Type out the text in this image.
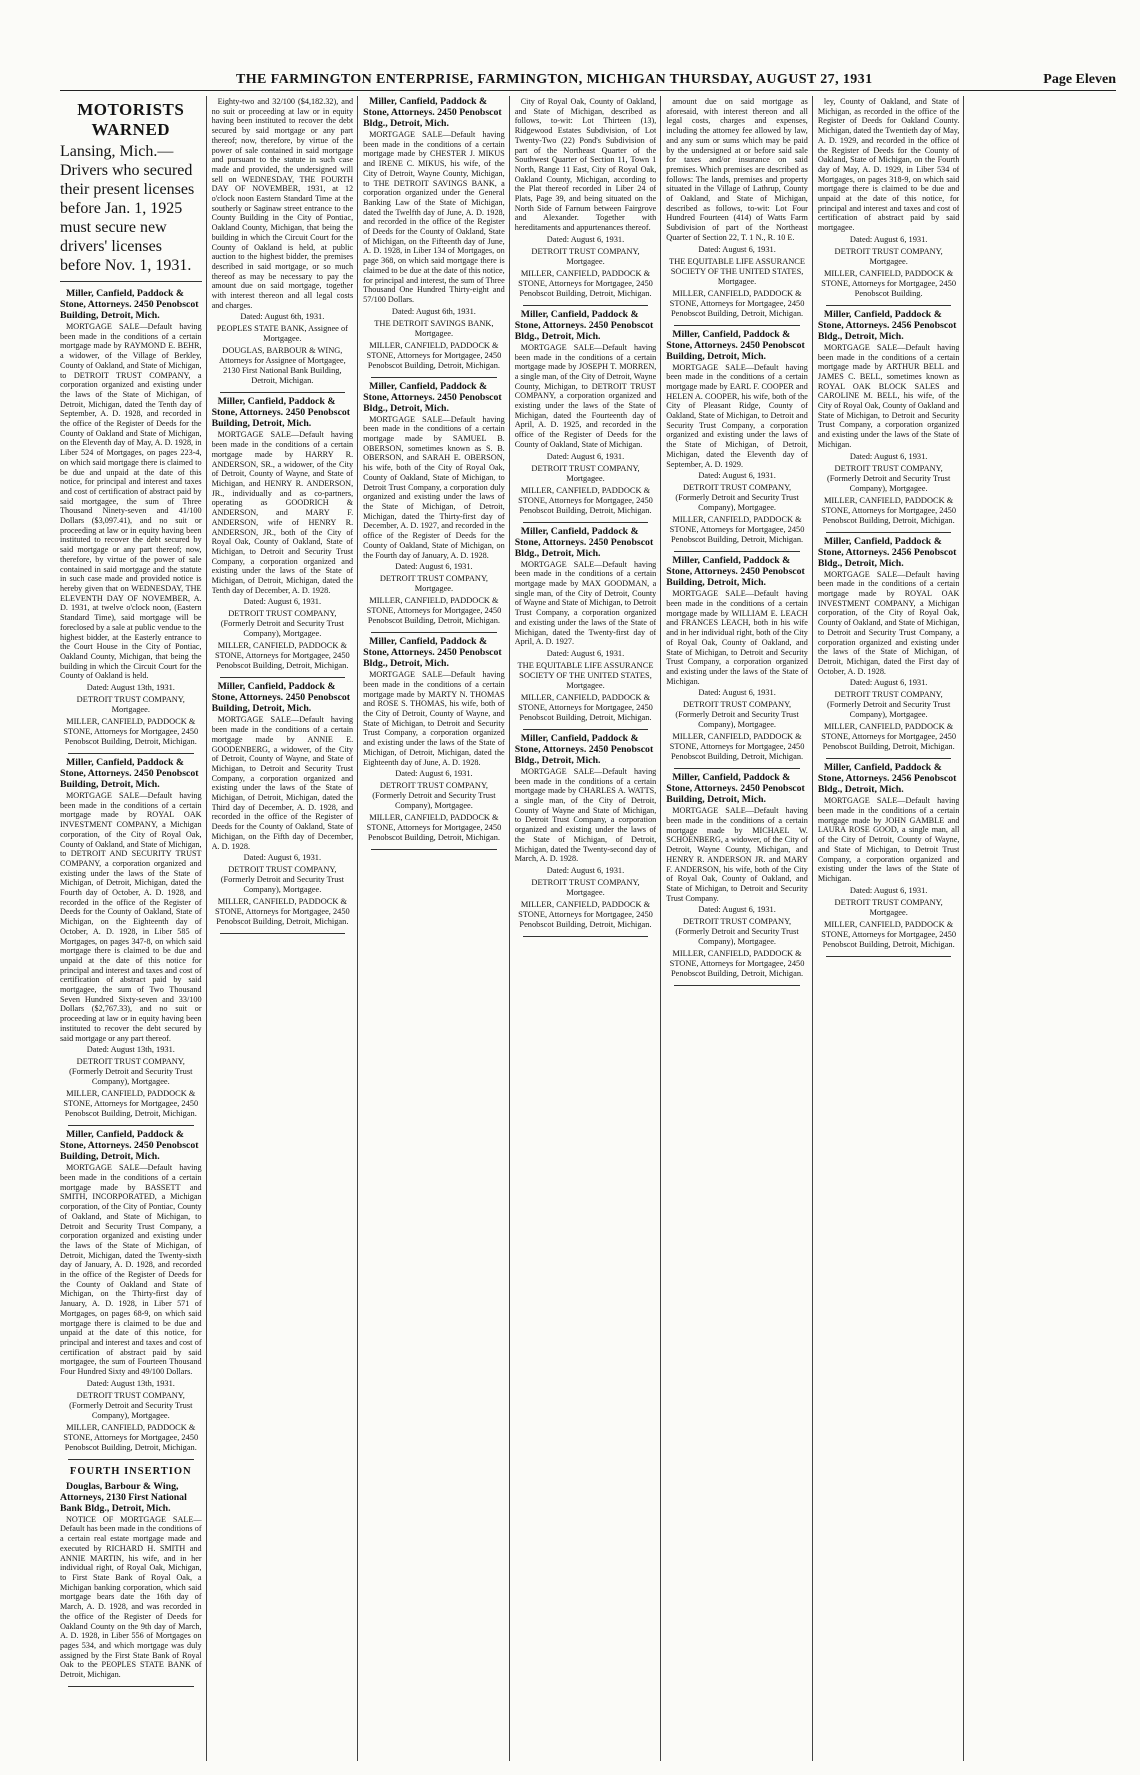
THE FARMINGTON ENTERPRISE, FARMINGTON, MICHIGAN THURSDAY, AUGUST 27, 1931	Page Eleven
MOTORISTS WARNED
Lansing, Mich.—Drivers who secured their present licenses before Jan. 1, 1925 must secure new drivers' licenses before Nov. 1, 1931.
Miller, Canfield, Paddock & Stone, Attorneys. 2450 Penobscot Building, Detroit, Mich.
MORTGAGE SALE—Default having been made in the conditions of a certain mortgage made by RAYMOND E. BEHR, a widower, of the Village of Berkley, County of Oakland, and State of Michigan, to DETROIT TRUST COMPANY, a corporation organized and existing under the laws of the State of Michigan, of Detroit, Michigan, dated the Tenth day of September, A. D. 1928, and recorded in the office of the Register of Deeds for the County of Oakland and State of Michigan, on the Eleventh day of May, A. D. 1928, in Liber 524 of Mortgages, on pages 223-4, on which said mortgage there is claimed to be due and unpaid at the date of this notice, for principal and interest and taxes and cost of certification of abstract paid by said mortgagee, the sum of Three Thousand Ninety-seven and 41/100 Dollars ($3,097.41), and no suit or proceeding at law or in equity having been instituted to recover the debt secured by said mortgage or any part thereof; now, therefore, by virtue of the power of sale contained in said mortgage and the statute in such case made and provided notice is hereby given that on WEDNESDAY, THE ELEVENTH DAY OF NOVEMBER, A. D. 1931, at twelve o'clock noon, (Eastern Standard Time), said mortgage will be foreclosed by a sale at public vendue to the highest bidder, at the Easterly entrance to the Court House in the City of Pontiac, Oakland County, Michigan, that being the building in which the Circuit Court for the County of Oakland is held.
Dated: August 13th, 1931.
DETROIT TRUST COMPANY, Mortgagee.
MILLER, CANFIELD, PADDOCK & STONE, Attorneys for Mortgagee, 2450 Penobscot Building, Detroit, Michigan.
Miller, Canfield, Paddock & Stone, Attorneys. 2450 Penobscot Building, Detroit, Mich.
MORTGAGE SALE—Default having been made in the conditions of a certain mortgage made by ROYAL OAK INVESTMENT COMPANY, a Michigan corporation, of the City of Royal Oak, County of Oakland, and State of Michigan, to DETROIT AND SECURITY TRUST COMPANY, a corporation organized and existing under the laws of the State of Michigan, of Detroit, Michigan, dated the Fourth day of October, A. D. 1928, and recorded in the office of the Register of Deeds for the County of Oakland, State of Michigan, on the Eighteenth day of October, A. D. 1928, in Liber 585 of Mortgages, on pages 347-8, on which said mortgage there is claimed to be due and unpaid at the date of this notice for principal and interest and taxes and cost of certification of abstract paid by said mortgagee, the sum of Two Thousand Seven Hundred Sixty-seven and 33/100 Dollars ($2,767.33), and no suit or proceeding at law or in equity having been instituted to recover the debt secured by said mortgage or any part thereof.
Dated: August 13th, 1931.
DETROIT TRUST COMPANY, (Formerly Detroit and Security Trust Company), Mortgagee.
MILLER, CANFIELD, PADDOCK & STONE, Attorneys for Mortgagee, 2450 Penobscot Building, Detroit, Michigan.
Miller, Canfield, Paddock & Stone, Attorneys. 2450 Penobscot Building, Detroit, Mich.
MORTGAGE SALE—Default having been made in the conditions of a certain mortgage made by BASSETT and SMITH, INCORPORATED, a Michigan corporation, of the City of Pontiac, County of Oakland, and State of Michigan, to Detroit and Security Trust Company, a corporation organized and existing under the laws of the State of Michigan, of Detroit, Michigan, dated the Twenty-sixth day of January, A. D. 1928, and recorded in the office of the Register of Deeds for the County of Oakland and State of Michigan, on the Thirty-first day of January, A. D. 1928, in Liber 571 of Mortgages, on pages 68-9, on which said mortgage there is claimed to be due and unpaid at the date of this notice, for principal and interest and taxes and cost of certification of abstract paid by said mortgagee, the sum of Fourteen Thousand Four Hundred Sixty and 49/100 Dollars.
Dated: August 13th, 1931.
DETROIT TRUST COMPANY, (Formerly Detroit and Security Trust Company), Mortgagee.
MILLER, CANFIELD, PADDOCK & STONE, Attorneys for Mortgagee, 2450 Penobscot Building, Detroit, Michigan.
FOURTH INSERTION
Douglas, Barbour & Wing, Attorneys, 2130 First National Bank Bldg., Detroit, Mich.
NOTICE OF MORTGAGE SALE—Default has been made in the conditions of a certain real estate mortgage made and executed by RICHARD H. SMITH and ANNIE MARTIN, his wife, and in her individual right, of Royal Oak, Michigan, to First State Bank of Royal Oak, a Michigan banking corporation, which said mortgage bears date the 16th day of March, A. D. 1928, and was recorded in the office of the Register of Deeds for Oakland County on the 9th day of March, A. D. 1928, in Liber 556 of Mortgages on pages 534, and which mortgage was duly assigned by the First State Bank of Royal Oak to the PEOPLES STATE BANK of Detroit, Michigan.
Eighty-two and 32/100 ($4,182.32), and no suit or proceeding at law or in equity having been instituted to recover the debt secured by said mortgage or any part thereof; now, therefore, by virtue of the power of sale contained in said mortgage and pursuant to the statute in such case made and provided, the undersigned will sell on WEDNESDAY, THE FOURTH DAY OF NOVEMBER, 1931, at 12 o'clock noon Eastern Standard Time at the southerly or Saginaw street entrance to the County Building in the City of Pontiac, Oakland County, Michigan, that being the building in which the Circuit Court for the County of Oakland is held, at public auction to the highest bidder, the premises described in said mortgage, or so much thereof as may be necessary to pay the amount due on said mortgage, together with interest thereon and all legal costs and charges.
Dated: August 6th, 1931.
PEOPLES STATE BANK, Assignee of Mortgagee.
DOUGLAS, BARBOUR & WING, Attorneys for Assignee of Mortgagee, 2130 First National Bank Building, Detroit, Michigan.
Miller, Canfield, Paddock & Stone, Attorneys. 2450 Penobscot Building, Detroit, Mich.
MORTGAGE SALE—Default having been made in the conditions of a certain mortgage made by HARRY R. ANDERSON, SR., a widower, of the City of Detroit, County of Wayne, and State of Michigan, and HENRY R. ANDERSON, JR., individually and as co-partners, operating as GOODRICH & ANDERSON, and MARY F. ANDERSON, wife of HENRY R. ANDERSON, JR., both of the City of Royal Oak, County of Oakland, State of Michigan, to Detroit and Security Trust Company, a corporation organized and existing under the laws of the State of Michigan, of Detroit, Michigan, dated the Tenth day of December, A. D. 1928.
Dated: August 6, 1931.
DETROIT TRUST COMPANY, (Formerly Detroit and Security Trust Company), Mortgagee.
MILLER, CANFIELD, PADDOCK & STONE, Attorneys for Mortgagee, 2450 Penobscot Building, Detroit, Michigan.
Miller, Canfield, Paddock & Stone, Attorneys. 2450 Penobscot Building, Detroit, Mich.
MORTGAGE SALE—Default having been made in the conditions of a certain mortgage made by ANNIE E. GOODENBERG, a widower, of the City of Detroit, County of Wayne, and State of Michigan, to Detroit and Security Trust Company, a corporation organized and existing under the laws of the State of Michigan, of Detroit, Michigan, dated the Third day of December, A. D. 1928, and recorded in the office of the Register of Deeds for the County of Oakland, State of Michigan, on the Fifth day of December, A. D. 1928.
Dated: August 6, 1931.
DETROIT TRUST COMPANY, (Formerly Detroit and Security Trust Company), Mortgagee.
MILLER, CANFIELD, PADDOCK & STONE, Attorneys for Mortgagee, 2450 Penobscot Building, Detroit, Michigan.
Miller, Canfield, Paddock & Stone, Attorneys. 2450 Penobscot Bldg., Detroit, Mich.
MORTGAGE SALE—Default having been made in the conditions of a certain mortgage made by CHESTER J. MIKUS and IRENE C. MIKUS, his wife, of the City of Detroit, Wayne County, Michigan, to THE DETROIT SAVINGS BANK, a corporation organized under the General Banking Law of the State of Michigan, dated the Twelfth day of June, A. D. 1928, and recorded in the office of the Register of Deeds for the County of Oakland, State of Michigan, on the Fifteenth day of June, A. D. 1928, in Liber 134 of Mortgages, on page 368, on which said mortgage there is claimed to be due at the date of this notice, for principal and interest, the sum of Three Thousand One Hundred Thirty-eight and 57/100 Dollars.
Dated: August 6th, 1931.
THE DETROIT SAVINGS BANK, Mortgagee.
MILLER, CANFIELD, PADDOCK & STONE, Attorneys for Mortgagee, 2450 Penobscot Building, Detroit, Michigan.
Miller, Canfield, Paddock & Stone, Attorneys. 2450 Penobscot Bldg., Detroit, Mich.
MORTGAGE SALE—Default having been made in the conditions of a certain mortgage made by SAMUEL B. OBERSON, sometimes known as S. B. OBERSON, and SARAH E. OBERSON, his wife, both of the City of Royal Oak, County of Oakland, State of Michigan, to Detroit Trust Company, a corporation duly organized and existing under the laws of the State of Michigan, of Detroit, Michigan, dated the Thirty-first day of December, A. D. 1927, and recorded in the office of the Register of Deeds for the County of Oakland, State of Michigan, on the Fourth day of January, A. D. 1928.
Dated: August 6, 1931.
DETROIT TRUST COMPANY, Mortgagee.
MILLER, CANFIELD, PADDOCK & STONE, Attorneys for Mortgagee, 2450 Penobscot Building, Detroit, Michigan.
Miller, Canfield, Paddock & Stone, Attorneys. 2450 Penobscot Bldg., Detroit, Mich.
MORTGAGE SALE—Default having been made in the conditions of a certain mortgage made by MARTY N. THOMAS and ROSE S. THOMAS, his wife, both of the City of Detroit, County of Wayne, and State of Michigan, to Detroit and Security Trust Company, a corporation organized and existing under the laws of the State of Michigan, of Detroit, Michigan, dated the Eighteenth day of June, A. D. 1928.
Dated: August 6, 1931.
DETROIT TRUST COMPANY, (Formerly Detroit and Security Trust Company), Mortgagee.
MILLER, CANFIELD, PADDOCK & STONE, Attorneys for Mortgagee, 2450 Penobscot Building, Detroit, Michigan.
City of Royal Oak, County of Oakland, and State of Michigan, described as follows, to-wit: Lot Thirteen (13), Ridgewood Estates Subdivision, of Lot Twenty-Two (22) Pond's Subdivision of part of the Northeast Quarter of the Southwest Quarter of Section 11, Town 1 North, Range 11 East, City of Royal Oak, Oakland County, Michigan, according to the Plat thereof recorded in Liber 24 of Plats, Page 39, and being situated on the North Side of Farnum between Fairgrove and Alexander. Together with hereditaments and appurtenances thereof.
Dated: August 6, 1931.
DETROIT TRUST COMPANY, Mortgagee.
MILLER, CANFIELD, PADDOCK & STONE, Attorneys for Mortgagee, 2450 Penobscot Building, Detroit, Michigan.
Miller, Canfield, Paddock & Stone, Attorneys. 2450 Penobscot Bldg., Detroit, Mich.
MORTGAGE SALE—Default having been made in the conditions of a certain mortgage made by JOSEPH T. MORREN, a single man, of the City of Detroit, Wayne County, Michigan, to DETROIT TRUST COMPANY, a corporation organized and existing under the laws of the State of Michigan, dated the Fourteenth day of April, A. D. 1925, and recorded in the office of the Register of Deeds for the County of Oakland, State of Michigan.
Dated: August 6, 1931.
DETROIT TRUST COMPANY, Mortgagee.
MILLER, CANFIELD, PADDOCK & STONE, Attorneys for Mortgagee, 2450 Penobscot Building, Detroit, Michigan.
Miller, Canfield, Paddock & Stone, Attorneys. 2450 Penobscot Bldg., Detroit, Mich.
MORTGAGE SALE—Default having been made in the conditions of a certain mortgage made by MAX GOODMAN, a single man, of the City of Detroit, County of Wayne and State of Michigan, to Detroit Trust Company, a corporation organized and existing under the laws of the State of Michigan, dated the Twenty-first day of April, A. D. 1927.
Dated: August 6, 1931.
THE EQUITABLE LIFE ASSURANCE SOCIETY OF THE UNITED STATES, Mortgagee.
MILLER, CANFIELD, PADDOCK & STONE, Attorneys for Mortgagee, 2450 Penobscot Building, Detroit, Michigan.
Miller, Canfield, Paddock & Stone, Attorneys. 2450 Penobscot Bldg., Detroit, Mich.
MORTGAGE SALE—Default having been made in the conditions of a certain mortgage made by CHARLES A. WATTS, a single man, of the City of Detroit, County of Wayne and State of Michigan, to Detroit Trust Company, a corporation organized and existing under the laws of the State of Michigan, of Detroit, Michigan, dated the Twenty-second day of March, A. D. 1928.
Dated: August 6, 1931.
DETROIT TRUST COMPANY, Mortgagee.
MILLER, CANFIELD, PADDOCK & STONE, Attorneys for Mortgagee, 2450 Penobscot Building, Detroit, Michigan.
amount due on said mortgage as aforesaid, with interest thereon and all legal costs, charges and expenses, including the attorney fee allowed by law, and any sum or sums which may be paid by the undersigned at or before said sale for taxes and/or insurance on said premises. Which premises are described as follows: The lands, premises and property situated in the Village of Lathrup, County of Oakland, and State of Michigan, described as follows, to-wit: Lot Four Hundred Fourteen (414) of Watts Farm Subdivision of part of the Northeast Quarter of Section 22, T. 1 N., R. 10 E.
Dated: August 6, 1931.
THE EQUITABLE LIFE ASSURANCE SOCIETY OF THE UNITED STATES, Mortgagee.
MILLER, CANFIELD, PADDOCK & STONE, Attorneys for Mortgagee, 2450 Penobscot Building, Detroit, Michigan.
Miller, Canfield, Paddock & Stone, Attorneys. 2450 Penobscot Building, Detroit, Mich.
MORTGAGE SALE—Default having been made in the conditions of a certain mortgage made by EARL F. COOPER and HELEN A. COOPER, his wife, both of the City of Pleasant Ridge, County of Oakland, State of Michigan, to Detroit and Security Trust Company, a corporation organized and existing under the laws of the State of Michigan, of Detroit, Michigan, dated the Eleventh day of September, A. D. 1929.
Dated: August 6, 1931.
DETROIT TRUST COMPANY, (Formerly Detroit and Security Trust Company), Mortgagee.
MILLER, CANFIELD, PADDOCK & STONE, Attorneys for Mortgagee, 2450 Penobscot Building, Detroit, Michigan.
Miller, Canfield, Paddock & Stone, Attorneys. 2450 Penobscot Building, Detroit, Mich.
MORTGAGE SALE—Default having been made in the conditions of a certain mortgage made by WILLIAM E. LEACH and FRANCES LEACH, both in his wife and in her individual right, both of the City of Royal Oak, County of Oakland, and State of Michigan, to Detroit and Security Trust Company, a corporation organized and existing under the laws of the State of Michigan.
Dated: August 6, 1931.
DETROIT TRUST COMPANY, (Formerly Detroit and Security Trust Company), Mortgagee.
MILLER, CANFIELD, PADDOCK & STONE, Attorneys for Mortgagee, 2450 Penobscot Building, Detroit, Michigan.
Miller, Canfield, Paddock & Stone, Attorneys. 2450 Penobscot Building, Detroit, Mich.
MORTGAGE SALE—Default having been made in the conditions of a certain mortgage made by MICHAEL W. SCHOENBERG, a widower, of the City of Detroit, Wayne County, Michigan, and HENRY R. ANDERSON JR. and MARY F. ANDERSON, his wife, both of the City of Royal Oak, County of Oakland, and State of Michigan, to Detroit and Security Trust Company.
Dated: August 6, 1931.
DETROIT TRUST COMPANY, (Formerly Detroit and Security Trust Company), Mortgagee.
MILLER, CANFIELD, PADDOCK & STONE, Attorneys for Mortgagee, 2450 Penobscot Building, Detroit, Michigan.
ley, County of Oakland, and State of Michigan, as recorded in the office of the Register of Deeds for Oakland County. Michigan, dated the Twentieth day of May, A. D. 1929, and recorded in the office of the Register of Deeds for the County of Oakland, State of Michigan, on the Fourth day of May, A. D. 1929, in Liber 534 of Mortgages, on pages 318-9, on which said mortgage there is claimed to be due and unpaid at the date of this notice, for principal and interest and taxes and cost of certification of abstract paid by said mortgagee.
Dated: August 6, 1931.
DETROIT TRUST COMPANY, Mortgagee.
MILLER, CANFIELD, PADDOCK & STONE, Attorneys for Mortgagee, 2450 Penobscot Building.
Miller, Canfield, Paddock & Stone, Attorneys. 2456 Penobscot Bldg., Detroit, Mich.
MORTGAGE SALE—Default having been made in the conditions of a certain mortgage made by ARTHUR BELL and JAMES C. BELL, sometimes known as ROYAL OAK BLOCK SALES and CAROLINE M. BELL, his wife, of the City of Royal Oak, County of Oakland and State of Michigan, to Detroit and Security Trust Company, a corporation organized and existing under the laws of the State of Michigan.
Dated: August 6, 1931.
DETROIT TRUST COMPANY, (Formerly Detroit and Security Trust Company), Mortgagee.
MILLER, CANFIELD, PADDOCK & STONE, Attorneys for Mortgagee, 2450 Penobscot Building, Detroit, Michigan.
Miller, Canfield, Paddock & Stone, Attorneys. 2456 Penobscot Bldg., Detroit, Mich.
MORTGAGE SALE—Default having been made in the conditions of a certain mortgage made by ROYAL OAK INVESTMENT COMPANY, a Michigan corporation, of the City of Royal Oak, County of Oakland, and State of Michigan, to Detroit and Security Trust Company, a corporation organized and existing under the laws of the State of Michigan, of Detroit, Michigan, dated the First day of October, A. D. 1928.
Dated: August 6, 1931.
DETROIT TRUST COMPANY, (Formerly Detroit and Security Trust Company), Mortgagee.
MILLER, CANFIELD, PADDOCK & STONE, Attorneys for Mortgagee, 2450 Penobscot Building, Detroit, Michigan.
Miller, Canfield, Paddock & Stone, Attorneys. 2456 Penobscot Bldg., Detroit, Mich.
MORTGAGE SALE—Default having been made in the conditions of a certain mortgage made by JOHN GAMBLE and LAURA ROSE GOOD, a single man, all of the City of Detroit, County of Wayne, and State of Michigan, to Detroit Trust Company, a corporation organized and existing under the laws of the State of Michigan.
Dated: August 6, 1931.
DETROIT TRUST COMPANY, Mortgagee.
MILLER, CANFIELD, PADDOCK & STONE, Attorneys for Mortgagee, 2450 Penobscot Building, Detroit, Michigan.
